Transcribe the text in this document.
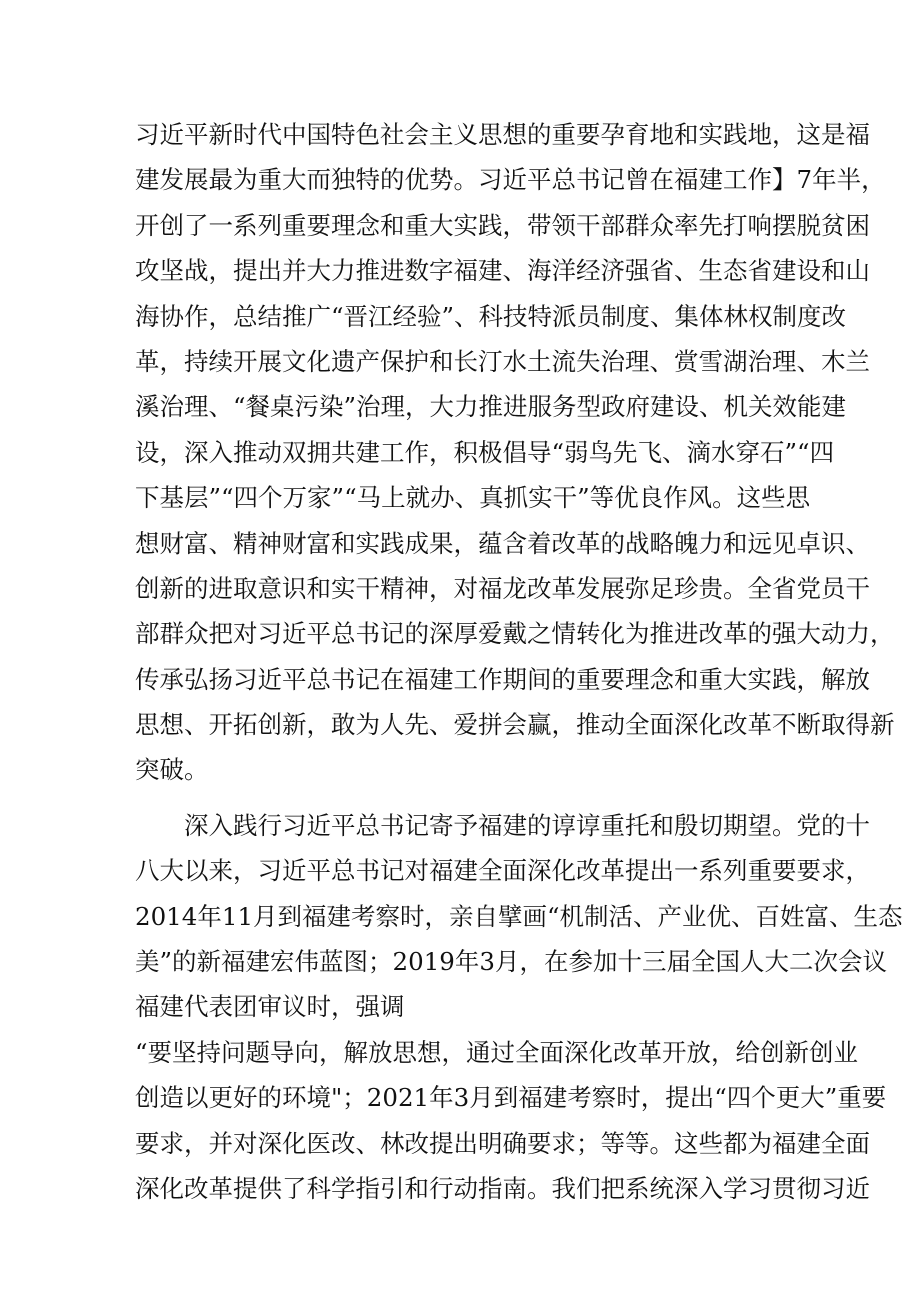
习近平新时代中国特色社会主义思想的重要孕育地和实践地，这是福
建发展最为重大而独特的优势。习近平总书记曾在福建工作】7年半，
开创了一系列重要理念和重大实践，带领干部群众率先打响摆脱贫困
攻坚战，提出并大力推进数字福建、海洋经济强省、生态省建设和山
海协作，总结推广“晋江经验”、科技特派员制度、集体林权制度改
革，持续开展文化遗产保护和长汀水土流失治理、赏雪湖治理、木兰
溪治理、“餐桌污染”治理，大力推进服务型政府建设、机关效能建
设，深入推动双拥共建工作，积极倡导“弱鸟先飞、滴水穿石”“四
下基层”“四个万家”“马上就办、真抓实干”等优良作风。这些思
想财富、精神财富和实践成果，蕴含着改革的战略魄力和远见卓识、
创新的进取意识和实干精神，对福龙改革发展弥足珍贵。全省党员干
部群众把对习近平总书记的深厚爱戴之情转化为推进改革的强大动力，
传承弘扬习近平总书记在福建工作期间的重要理念和重大实践，解放
思想、开拓创新，敢为人先、爱拼会赢，推动全面深化改革不断取得新
突破。
深入践行习近平总书记寄予福建的谆谆重托和殷切期望。党的十
八大以来，习近平总书记对福建全面深化改革提出一系列重要要求，
2014年11月到福建考察时，亲自擘画“机制活、产业优、百姓富、生态
美”的新福建宏伟蓝图；2019年3月，在参加十三届全国人大二次会议
福建代表团审议时，强调
“要坚持问题导向，解放思想，通过全面深化改革开放，给创新创业
创造以更好的环境"；2021年3月到福建考察时，提出“四个更大”重要
要求，并对深化医改、林改提出明确要求；等等。这些都为福建全面
深化改革提供了科学指引和行动指南。我们把系统深入学习贯彻习近
